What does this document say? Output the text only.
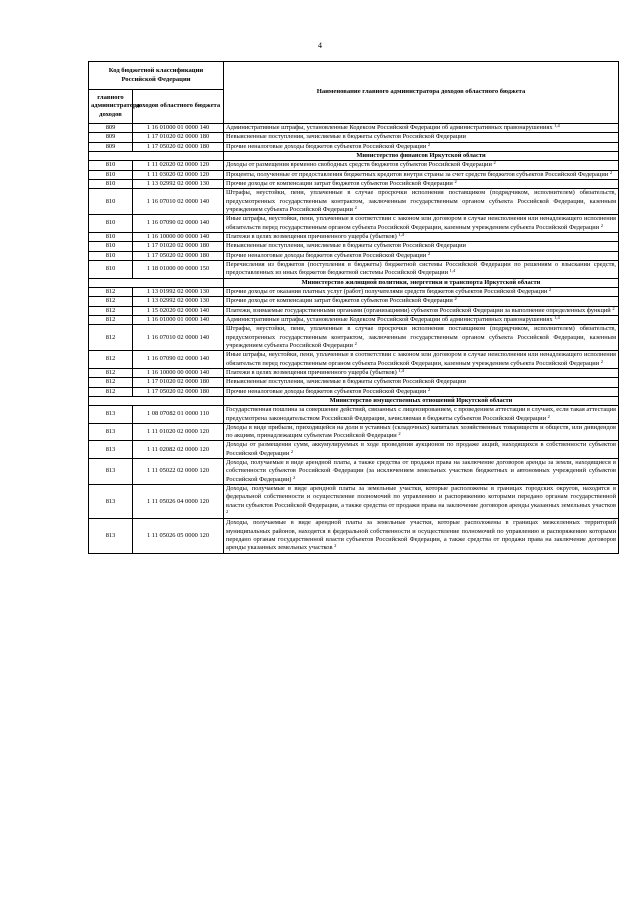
4
Код бюджетной классификации Российской Федерации		Наименование главного администратора доходов областного бюджета
главного администратора доходов	доходов областного бюджета	
809	1 16 01000 01 0000 140	Административные штрафы, установленные Кодексом Российской Федерации об административных правонарушениях $^{1,4}$
809	1 17 01020 02 0000 180	Невыясненные поступления, зачисляемые в бюджеты субъектов Российской Федерации
809	1 17 05020 02 0000 180	Прочие неналоговые доходы бюджетов субъектов Российской Федерации $^2$
		Министерство финансов Иркутской области
810	1 11 02020 02 0000 120	Доходы от размещения временно свободных средств бюджетов субъектов Российской Федерации $^2$
810	1 11 03020 02 0000 120	Проценты, полученные от предоставления бюджетных кредитов внутри страны за счет средств бюджетов субъектов Российской Федерации $^2$
810	1 13 02992 02 0000 130	Прочие доходы от компенсации затрат бюджетов субъектов Российской Федерации $^2$
810	1 16 07010 02 0000 140	Штрафы, неустойки, пени, уплаченные в случае просрочки исполнения поставщиком (подрядчиком, исполнителем) обязательств, предусмотренных государственным контрактом, заключенным государственным органом субъекта Российской Федерации, казенным учреждением субъекта Российской Федерации $^2$
810	1 16 07090 02 0000 140	Иные штрафы, неустойки, пени, уплаченные в соответствии с законом или договором в случае неисполнения или ненадлежащего исполнения обязательств перед государственным органом субъекта Российской Федерации, казенным учреждением субъекта Российской Федерации $^2$
810	1 16 10000 00 0000 140	Платежи в целях возмещения причиненного ущерба (убытков) $^{1,4}$
810	1 17 01020 02 0000 180	Невыясненные поступления, зачисляемые в бюджеты субъектов Российской Федерации
810	1 17 05020 02 0000 180	Прочие неналоговые доходы бюджетов субъектов Российской Федерации $^2$
810	1 18 01000 00 0000 150	Перечисления из бюджетов (поступления в бюджеты) бюджетной системы Российской Федерации по решениям о взыскании средств, предоставленных из иных бюджетов бюджетной системы Российской Федерации $^{1,4}$
		Министерство жилищной политики, энергетики и транспорта Иркутской области
812	1 13 01992 02 0000 130	Прочие доходы от оказания платных услуг (работ) получателями средств бюджетов субъектов Российской Федерации $^2$
812	1 13 02992 02 0000 130	Прочие доходы от компенсации затрат бюджетов субъектов Российской Федерации $^2$
812	1 15 02020 02 0000 140	Платежи, взимаемые государственными органами (организациями) субъектов Российской Федерации за выполнение определенных функций $^2$
812	1 16 01000 01 0000 140	Административные штрафы, установленные Кодексом Российской Федерации об административных правонарушениях $^{1,4}$
812	1 16 07010 02 0000 140	Штрафы, неустойки, пени, уплаченные в случае просрочки исполнения поставщиком (подрядчиком, исполнителем) обязательств, предусмотренных государственным контрактом, заключенным государственным органом субъекта Российской Федерации, казенным учреждением субъекта Российской Федерации $^2$
812	1 16 07090 02 0000 140	Иные штрафы, неустойки, пени, уплаченные в соответствии с законом или договором в случае неисполнения или ненадлежащего исполнения обязательств перед государственным органом субъекта Российской Федерации, казенным учреждением субъекта Российской Федерации $^2$
812	1 16 10000 00 0000 140	Платежи в целях возмещения причиненного ущерба (убытков) $^{1,4}$
812	1 17 01020 02 0000 180	Невыясненные поступления, зачисляемые в бюджеты субъектов Российской Федерации
812	1 17 05020 02 0000 180	Прочие неналоговые доходы бюджетов субъектов Российской Федерации $^2$
		Министерство имущественных отношений Иркутской области
813	1 08 07082 01 0000 110	Государственная пошлина за совершение действий, связанных с лицензированием, с проведением аттестации в случаях, если такая аттестация предусмотрена законодательством Российской Федерации, зачисляемая в бюджеты субъектов Российской Федерации $^2$
813	1 11 01020 02 0000 120	Доходы в виде прибыли, приходящейся на доли в уставных (складочных) капиталах хозяйственных товариществ и обществ, или дивидендов по акциям, принадлежащим субъектам Российской Федерации $^2$
813	1 11 02082 02 0000 120	Доходы от размещения сумм, аккумулируемых в ходе проведения аукционов по продаже акций, находящихся в собственности субъектов Российской Федерации $^2$
813	1 11 05022 02 0000 120	Доходы, получаемые в виде арендной платы, а также средства от продажи права на заключение договоров аренды за земли, находящиеся в собственности субъектов Российской Федерации (за исключением земельных участков бюджетных и автономных учреждений субъектов Российской Федерации) $^2$
813	1 11 05026 04 0000 120	Доходы, получаемые в виде арендной платы за земельные участки, которые расположены в границах городских округов, находятся в федеральной собственности и осуществление полномочий по управлению и распоряжению которыми передано органам государственной власти субъектов Российской Федерации, а также средства от продажи права на заключение договоров аренды указанных земельных участков $^2$
813	1 11 05026 05 0000 120	Доходы, получаемые в виде арендной платы за земельные участки, которые расположены в границах межселенных территорий муниципальных районов, находятся в федеральной собственности и осуществление полномочий по управлению и распоряжению которыми передано органам государственной власти субъектов Российской Федерации, а также средства от продажи права на заключение договоров аренды указанных земельных участков $^2$
